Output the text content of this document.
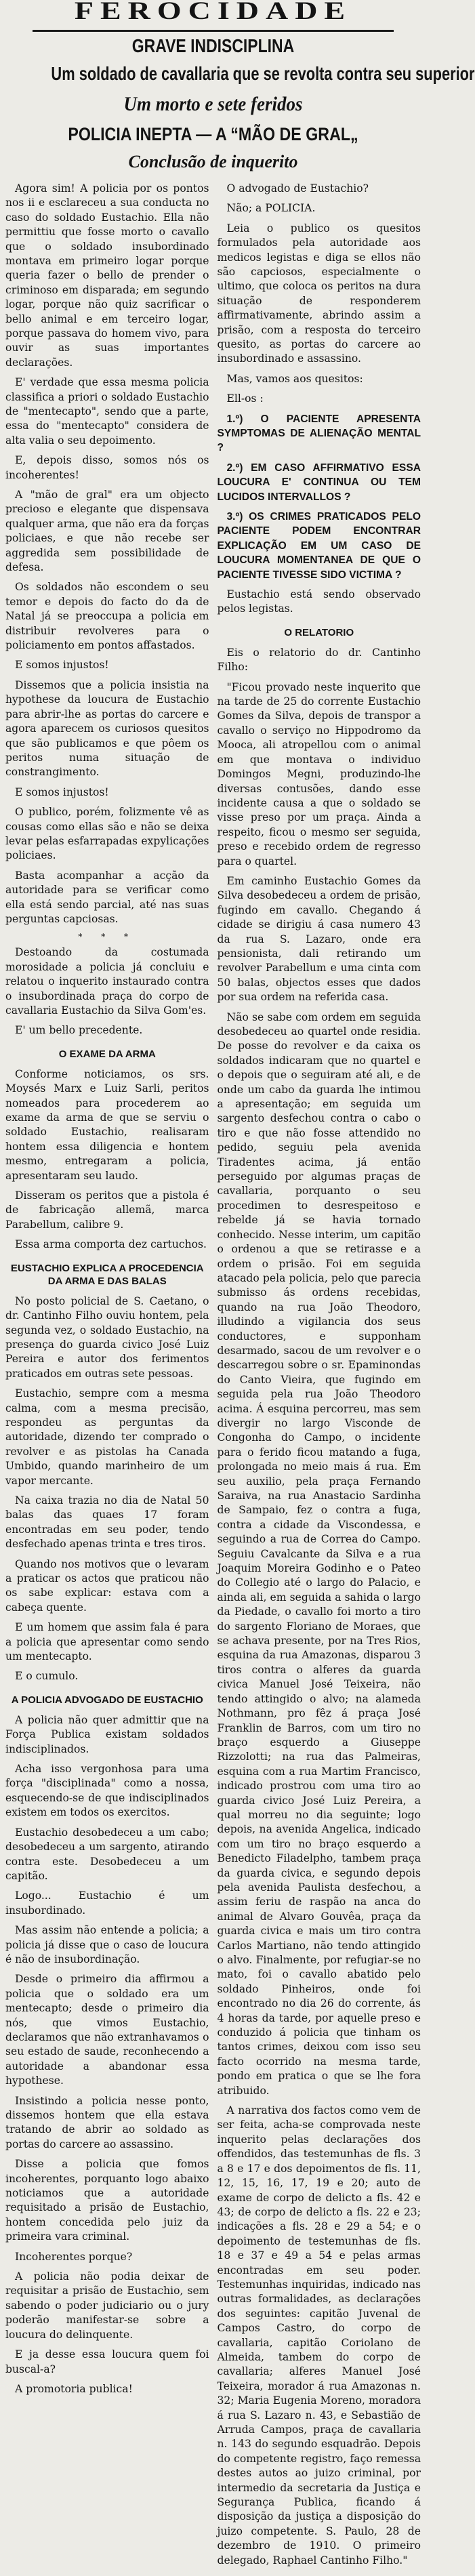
FEROCIDADE
GRAVE INDISCIPLINA
Um soldado de cavallaria que se revolta contra seu superior
Um morto e sete feridos
POLICIA INEPTA — A “MÃO DE GRAL„
Conclusão de inquerito

Agora sim! A policia por os pontos nos ii e esclareceu a sua conducta no caso do soldado Eustachio. Ella não permittiu que fosse morto o cavallo que o soldado insubordinado montava em primeiro logar porque queria fazer o bello de prender o criminoso em disparada; em segundo logar, porque não quiz sacrificar o bello animal e em terceiro logar, porque passava do homem vivo, para ouvir as suas importantes declarações.

E' verdade que essa mesma policia classifica a priori o soldado Eustachio de "mentecapto", sendo que a parte, essa do "mentecapto" considera de alta valia o seu depoimento.

E, depois disso, somos nós os incoherentes!

A "mão de gral" era um objecto precioso e elegante que dispensava qualquer arma, que não era da forças policiaes, e que não recebe ser aggredida sem possibilidade de defesa.

Os soldados não escondem o seu temor e depois do facto do da de Natal já se preoccupa a policia em distribuir revolveres para o policiamento em pontos affastados.

E somos injustos!

Dissemos que a policia insistia na hypothese da loucura de Eustachio para abrir-lhe as portas do carcere e agora aparecem os curiosos quesitos que são publicamos e que pôem os peritos numa situação de constrangimento.

E somos injustos!

O publico, porém, folizmente vê as cousas como ellas são e não se deixa levar pelas esfarrapadas expylicações policiaes.

Basta acompanhar a acção da autoridade para se verificar como ella está sendo parcial, até nas suas perguntas capciosas.

* * *

Destoando da costumada morosidade a policia já concluiu e relatou o inquerito instaurado contra o insubordinada praça do corpo de cavallaria Eustachio da Silva Gom'es.

E' um bello precedente.

O EXAME DA ARMA

Conforme noticiamos, os srs. Moysés Marx e Luiz Sarli, peritos nomeados para procederem ao exame da arma de que se serviu o soldado Eustachio, realisaram hontem essa diligencia e hontem mesmo, entregaram a policia, apresentaram seu laudo.

Disseram os peritos que a pistola é de fabricação allemã, marca Parabellum, calibre 9.

Essa arma comporta dez cartuchos.

EUSTACHIO EXPLICA A PROCEDENCIA DA ARMA E DAS BALAS

No posto policial de S. Caetano, o dr. Cantinho Filho ouviu hontem, pela segunda vez, o soldado Eustachio, na presença do guarda civico José Luiz Pereira e autor dos ferimentos praticados em outras sete pessoas.

Eustachio, sempre com a mesma calma, com a mesma precisão, respondeu as perguntas da autoridade, dizendo ter comprado o revolver e as pistolas ha Canada Umbido, quando marinheiro de um vapor mercante.

Na caixa trazia no dia de Natal 50 balas das quaes 17 foram encontradas em seu poder, tendo desfechado apenas trinta e tres tiros.

Quando nos motivos que o levaram a praticar os actos que praticou não os sabe explicar: estava com a cabeça quente.

E um homem que assim fala é para a policia que apresentar como sendo um mentecapto.

E o cumulo.

A POLICIA ADVOGADO DE EUSTACHIO

A policia não quer admittir que na Força Publica existam soldados indisciplinados.

Acha isso vergonhosa para uma força "disciplinada" como a nossa, esquecendo-se de que indisciplinados existem em todos os exercitos.

Eustachio desobedeceu a um cabo; desobedeceu a um sargento, atirando contra este. Desobedeceu a um capitão.

Logo... Eustachio é um insubordinado.

Mas assim não entende a policia; a policia já disse que o caso de loucura é não de insubordinação.

Desde o primeiro dia affirmou a policia que o soldado era um mentecapto; desde o primeiro dia nós, que vimos Eustachio, declaramos que não extranhavamos o seu estado de saude, reconhecendo a autoridade a abandonar essa hypothese.

Insistindo a policia nesse ponto, dissemos hontem que ella estava tratando de abrir ao soldado as portas do carcere ao assassino.

Disse a policia que fomos incoherentes, porquanto logo abaixo noticiamos que a autoridade requisitado a prisão de Eustachio, hontem concedida pelo juiz da primeira vara criminal.

Incoherentes porque?

A policia não podia deixar de requisitar a prisão de Eustachio, sem sabendo o poder judiciario ou o jury poderão manifestar-se sobre a loucura do delinquente.

E ja desse essa loucura quem foi buscal-a?

A promotoria publica!

O advogado de Eustachio?

Não; a POLICIA.

Leia o publico os quesitos formulados pela autoridade aos medicos legistas e diga se ellos não são capciosos, especialmente o ultimo, que coloca os peritos na dura situação de responderem affirmativamente, abrindo assim a prisão, com a resposta do terceiro quesito, as portas do carcere ao insubordinado e assassino.

Mas, vamos aos quesitos:

Ell-os :

1.º) O PACIENTE APRESENTA SYMPTOMAS DE ALIENAÇÃO MENTAL ?

2.º) EM CASO AFFIRMATIVO ESSA LOUCURA E' CONTINUA OU TEM LUCIDOS INTERVALLOS ?

3.º) OS CRIMES PRATICADOS PELO PACIENTE PODEM ENCONTRAR EXPLICAÇÃO EM UM CASO DE LOUCURA MOMENTANEA DE QUE O PACIENTE TIVESSE SIDO VICTIMA ?

Eustachio está sendo observado pelos legistas.

O RELATORIO

Eis o relatorio do dr. Cantinho Filho:

"Ficou provado neste inquerito que na tarde de 25 do corrente Eustachio Gomes da Silva, depois de transpor a cavallo o serviço no Hippodromo da Mooca, ali atropellou com o animal em que montava o individuo Domingos Megni, produzindo-lhe diversas contusões, dando esse incidente causa a que o soldado se visse preso por um praça. Ainda a respeito, ficou o mesmo ser seguida, preso e recebido ordem de regresso para o quartel.

Em caminho Eustachio Gomes da Silva desobedeceu a ordem de prisão, fugindo em cavallo. Chegando á cidade se dirigiu á casa numero 43 da rua S. Lazaro, onde era pensionista, dali retirando um revolver Parabellum e uma cinta com 50 balas, objectos esses que dados por sua ordem na referida casa.

Não se sabe com ordem em seguida desobedeceu ao quartel onde residia. De posse do revolver e da caixa os soldados indicaram que no quartel e o depois que o seguiram até ali, e de onde um cabo da guarda lhe intimou a apresentação; em seguida um sargento desfechou contra o cabo o tiro e que não fosse attendido no pedido, seguiu pela avenida Tiradentes acima, já então perseguido por algumas praças de cavallaria, porquanto o seu procedimen to desrespeitoso e rebelde já se havia tornado conhecido. Nesse interim, um capitão o ordenou a que se retirasse e a ordem o prisão. Foi em seguida atacado pela policia, pelo que parecia submisso ás ordens recebidas, quando na rua João Theodoro, illudindo a vigilancia dos seus conductores, e supponham desarmado, sacou de um revolver e o descarregou sobre o sr. Epaminondas do Canto Vieira, que fugindo em seguida pela rua João Theodoro acima. Á esquina percorreu, mas sem divergir no largo Visconde de Congonha do Campo, o incidente para o ferido ficou matando a fuga, prolongada no meio mais á rua. Em seu auxilio, pela praça Fernando Saraiva, na rua Anastacio Sardinha de Sampaio, fez o contra a fuga, contra a cidade da Viscondessa, e seguindo a rua de Correa do Campo. Seguiu Cavalcante da Silva e a rua Joaquim Moreira Godinho e o Pateo do Collegio até o largo do Palacio, e ainda ali, em seguida a sahida o largo da Piedade, o cavallo foi morto a tiro do sargento Floriano de Moraes, que se achava presente, por na Tres Rios, esquina da rua Amazonas, disparou 3 tiros contra o alferes da guarda civica Manuel José Teixeira, não tendo attingido o alvo; na alameda Nothmann, pro fêz á praça José Franklin de Barros, com um tiro no braço esquerdo a Giuseppe Rizzolotti; na rua das Palmeiras, esquina com a rua Martim Francisco, indicado prostrou com uma tiro ao guarda civico José Luiz Pereira, a qual morreu no dia seguinte; logo depois, na avenida Angelica, indicado com um tiro no braço esquerdo a Benedicto Filadelpho, tambem praça da guarda civica, e segundo depois pela avenida Paulista desfechou, a assim feriu de raspão na anca do animal de Alvaro Gouvêa, praça da guarda civica e mais um tiro contra Carlos Martiano, não tendo attingido o alvo. Finalmente, por refugiar-se no mato, foi o cavallo abatido pelo soldado Pinheiros, onde foi encontrado no dia 26 do corrente, ás 4 horas da tarde, por aquelle preso e conduzido á policia que tinham os tantos crimes, deixou com isso seu facto ocorrido na mesma tarde, pondo em pratica o que se lhe fora atribuido.

A narrativa dos factos como vem de ser feita, acha-se comprovada neste inquerito pelas declarações dos offendidos, das testemunhas de fls. 3 a 8 e 17 e dos depoimentos de fls. 11, 12, 15, 16, 17, 19 e 20; auto de exame de corpo de delicto a fls. 42 e 43; de corpo de delicto a fls. 22 e 23; indicações a fls. 28 e 29 a 54; e o depoimento de testemunhas de fls. 18 e 37 e 49 a 54 e pelas armas encontradas em seu poder. Testemunhas inquiridas, indicado nas outras formalidades, as declarações dos seguintes: capitão Juvenal de Campos Castro, do corpo de cavallaria, capitão Coriolano de Almeida, tambem do corpo de cavallaria; alferes Manuel José Teixeira, morador á rua Amazonas n. 32; Maria Eugenia Moreno, moradora á rua S. Lazaro n. 43, e Sebastião de Arruda Campos, praça de cavallaria n. 143 do segundo esquadrão. Depois do competente registro, faço remessa destes autos ao juizo criminal, por intermedio da secretaria da Justiça e Segurança Publica, ficando á disposição da justiça a disposição do juizo competente. S. Paulo, 28 de dezembro de 1910. O primeiro delegado, Raphael Cantinho Filho."
